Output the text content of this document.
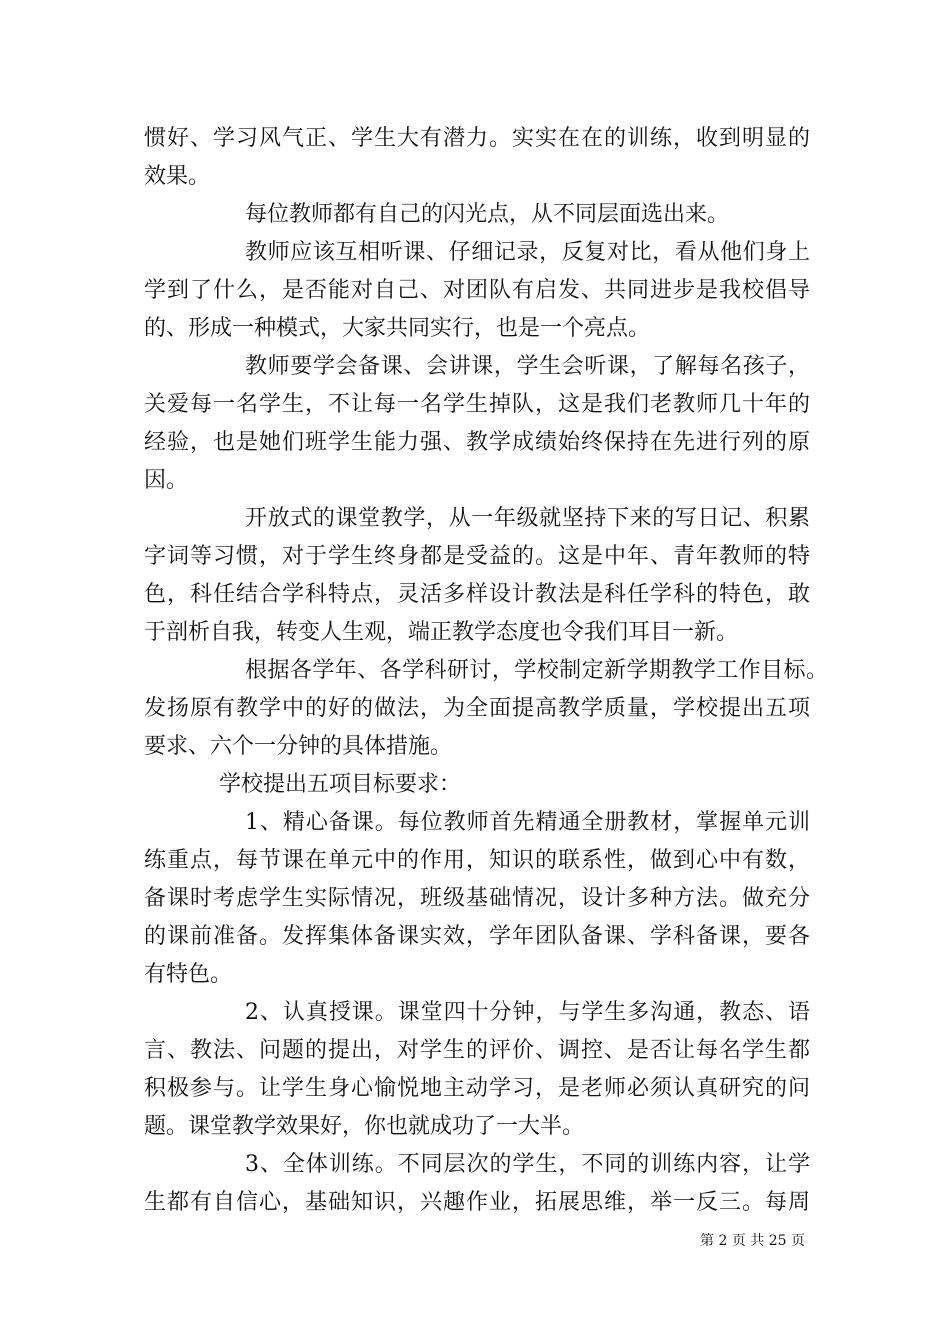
惯好、学习风气正、学生大有潜力。实实在在的训练，收到明显的
效果。
每位教师都有自己的闪光点，从不同层面选出来。
教师应该互相听课、仔细记录，反复对比，看从他们身上
学到了什么，是否能对自己、对团队有启发、共同进步是我校倡导
的、形成一种模式，大家共同实行，也是一个亮点。
教师要学会备课、会讲课，学生会听课，了解每名孩子，
关爱每一名学生，不让每一名学生掉队，这是我们老教师几十年的
经验，也是她们班学生能力强、教学成绩始终保持在先进行列的原
因。
开放式的课堂教学，从一年级就坚持下来的写日记、积累
字词等习惯，对于学生终身都是受益的。这是中年、青年教师的特
色，科任结合学科特点，灵活多样设计教法是科任学科的特色，敢
于剖析自我，转变人生观，端正教学态度也令我们耳目一新。
根据各学年、各学科研讨，学校制定新学期教学工作目标。
发扬原有教学中的好的做法，为全面提高教学质量，学校提出五项
要求、六个一分钟的具体措施。
学校提出五项目标要求：
1、精心备课。每位教师首先精通全册教材，掌握单元训
练重点，每节课在单元中的作用，知识的联系性，做到心中有数，
备课时考虑学生实际情况，班级基础情况，设计多种方法。做充分
的课前准备。发挥集体备课实效，学年团队备课、学科备课，要各
有特色。
2、认真授课。课堂四十分钟，与学生多沟通，教态、语
言、教法、问题的提出，对学生的评价、调控、是否让每名学生都
积极参与。让学生身心愉悦地主动学习，是老师必须认真研究的问
题。课堂教学效果好，你也就成功了一大半。
3、全体训练。不同层次的学生，不同的训练内容，让学
生都有自信心，基础知识，兴趣作业，拓展思维，举一反三。每周
第 2 页 共 25 页
